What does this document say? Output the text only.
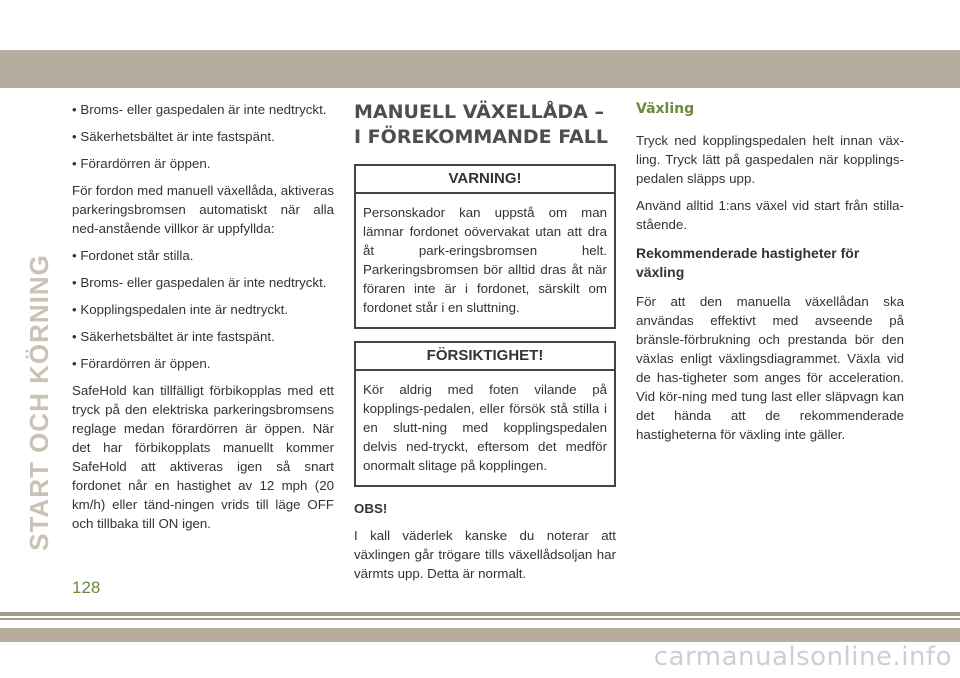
START OCH KÖRNING

• Broms- eller gaspedalen är inte nedtryckt.

• Säkerhetsbältet är inte fastspänt.

• Förardörren är öppen.

För fordon med manuell växellåda, aktiveras parkeringsbromsen automatiskt när alla ned-anstående villkor är uppfyllda:

• Fordonet står stilla.

• Broms- eller gaspedalen är inte nedtryckt.

• Kopplingspedalen inte är nedtryckt.

• Säkerhetsbältet är inte fastspänt.

• Förardörren är öppen.

SafeHold kan tillfälligt förbikopplas med ett tryck på den elektriska parkeringsbromsens reglage medan förardörren är öppen. När det har förbikopplats manuellt kommer SafeHold att aktiveras igen så snart fordonet når en hastighet av 12 mph (20 km/h) eller tänd-ningen vrids till läge OFF och tillbaka till ON igen.

MANUELL VÄXELLÅDA – I FÖREKOMMANDE FALL
VARNING!
Personskador kan uppstå om man lämnar fordonet oövervakat utan att dra åt park-eringsbromsen helt. Parkeringsbromsen bör alltid dras åt när föraren inte är i fordonet, särskilt om fordonet står i en sluttning.
FÖRSIKTIGHET!
Kör aldrig med foten vilande på kopplings-pedalen, eller försök stå stilla i en slutt-ning med kopplingspedalen delvis ned-tryckt, eftersom det medför onormalt slitage på kopplingen.

OBS!

I kall väderlek kanske du noterar att växlingen går trögare tills växellådsoljan har värmts upp. Detta är normalt.

Växling

Tryck ned kopplingspedalen helt innan väx-ling. Tryck lätt på gaspedalen när kopplings-pedalen släpps upp.

Använd alltid 1:ans växel vid start från stilla-stående.

Rekommenderade hastigheter för växling

För att den manuella växellådan ska användas effektivt med avseende på bränsle-förbrukning och prestanda bör den växlas enligt växlingsdiagrammet. Växla vid de has-tigheter som anges för acceleration. Vid kör-ning med tung last eller släpvagn kan det hända att de rekommenderade hastigheterna för växling inte gäller.

128
carmanualsonline.info
